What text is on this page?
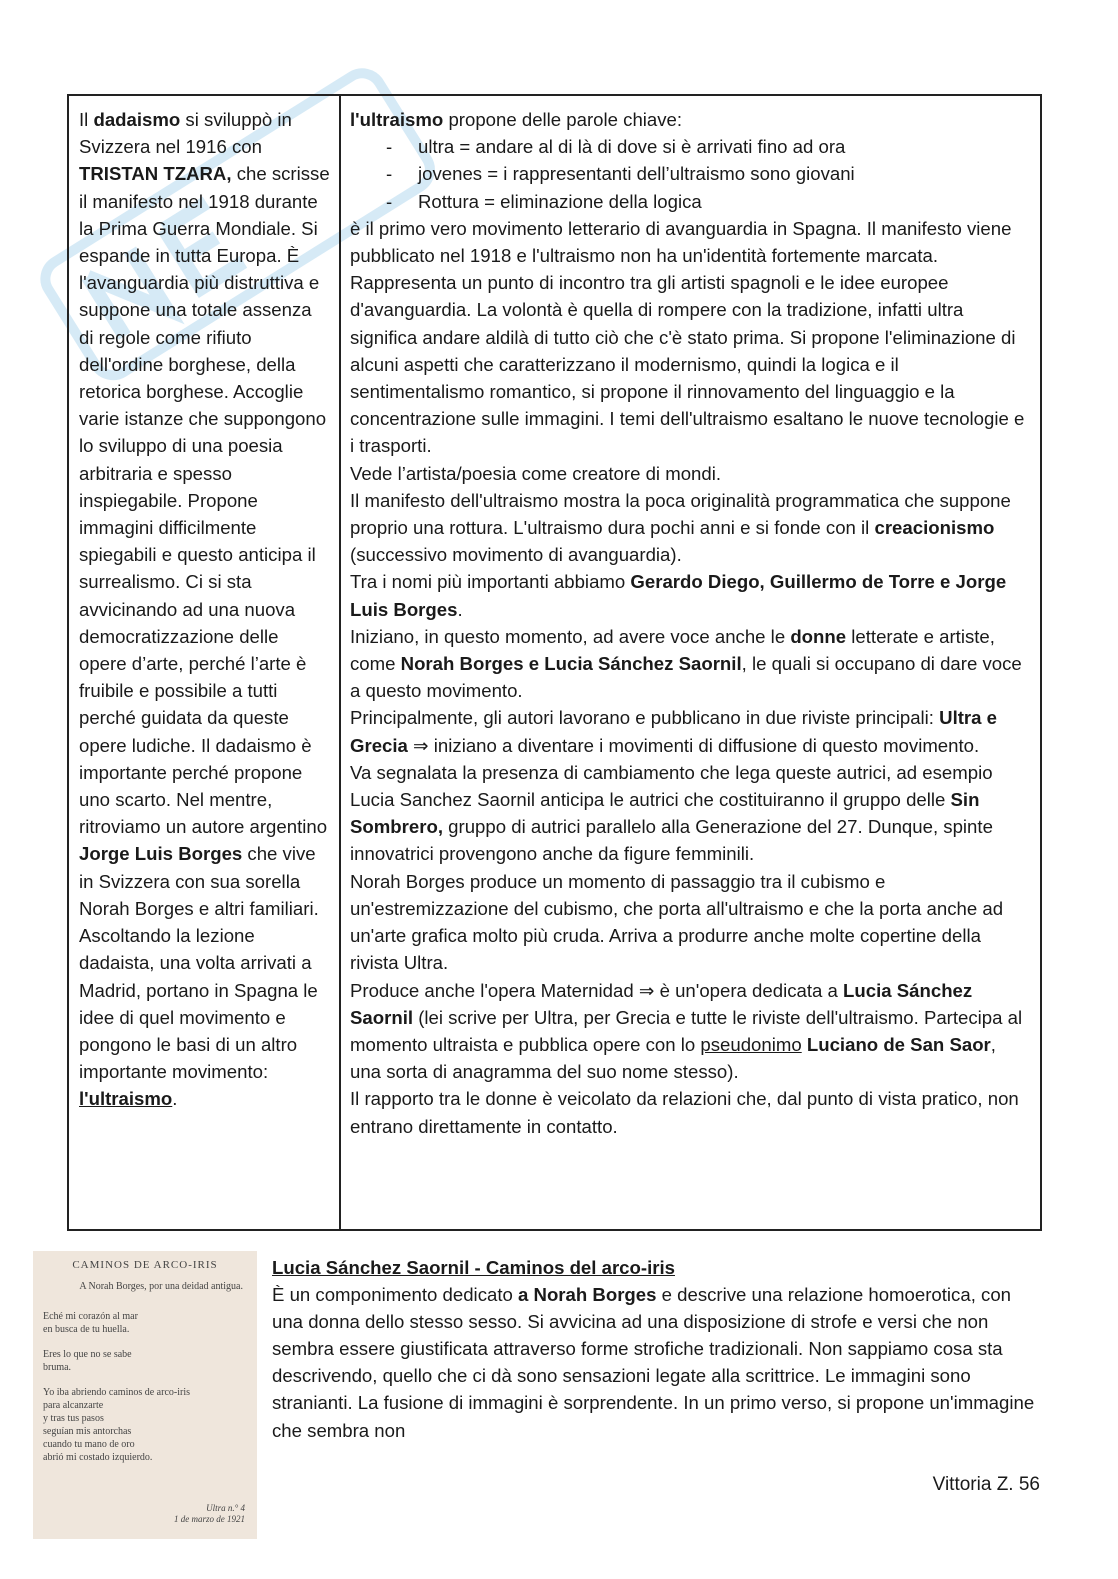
Il dadaismo si sviluppò in Svizzera nel 1916 con TRISTAN TZARA, che scrisse il manifesto nel 1918 durante la Prima Guerra Mondiale. Si espande in tutta Europa. È l'avanguardia più distruttiva e suppone una totale assenza di regole come rifiuto dell'ordine borghese, della retorica borghese. Accoglie varie istanze che suppongono lo sviluppo di una poesia arbitraria e spesso inspiegabile. Propone immagini difficilmente spiegabili e questo anticipa il surrealismo. Ci si sta avvicinando ad una nuova democratizzazione delle opere d’arte, perché l’arte è fruibile e possibile a tutti perché guidata da queste opere ludiche. Il dadaismo è importante perché propone uno scarto. Nel mentre, ritroviamo un autore argentino Jorge Luis Borges che vive in Svizzera con sua sorella Norah Borges e altri familiari. Ascoltando la lezione dadaista, una volta arrivati a Madrid, portano in Spagna le idee di quel movimento e pongono le basi di un altro importante movimento: l'ultraismo.

l'ultraismo propone delle parole chiave:

- ultra = andare al di là di dove si è arrivati fino ad ora
- jovenes = i rappresentanti dell’ultraismo sono giovani
- Rottura = eliminazione della logica

è il primo vero movimento letterario di avanguardia in Spagna. Il manifesto viene pubblicato nel 1918 e l'ultraismo non ha un'identità fortemente marcata.

Rappresenta un punto di incontro tra gli artisti spagnoli e le idee europee d'avanguardia. La volontà è quella di rompere con la tradizione, infatti ultra significa andare aldilà di tutto ciò che c'è stato prima. Si propone l'eliminazione di alcuni aspetti che caratterizzano il modernismo, quindi la logica e il sentimentalismo romantico, si propone il rinnovamento del linguaggio e la concentrazione sulle immagini. I temi dell'ultraismo esaltano le nuove tecnologie e i trasporti.

Vede l’artista/poesia come creatore di mondi.

Il manifesto dell'ultraismo mostra la poca originalità programmatica che suppone proprio una rottura. L'ultraismo dura pochi anni e si fonde con il creacionismo (successivo movimento di avanguardia).

Tra i nomi più importanti abbiamo Gerardo Diego, Guillermo de Torre e Jorge Luis Borges.

Iniziano, in questo momento, ad avere voce anche le donne letterate e artiste, come Norah Borges e Lucia Sánchez Saornil, le quali si occupano di dare voce a questo movimento.

Principalmente, gli autori lavorano e pubblicano in due riviste principali: Ultra e Grecia ⇒ iniziano a diventare i movimenti di diffusione di questo movimento.

Va segnalata la presenza di cambiamento che lega queste autrici, ad esempio Lucia Sanchez Saornil anticipa le autrici che costituiranno il gruppo delle Sin Sombrero, gruppo di autrici parallelo alla Generazione del 27. Dunque, spinte innovatrici provengono anche da figure femminili.

Norah Borges produce un momento di passaggio tra il cubismo e un'estremizzazione del cubismo, che porta all'ultraismo e che la porta anche ad un'arte grafica molto più cruda. Arriva a produrre anche molte copertine della rivista Ultra.

Produce anche l'opera Maternidad ⇒ è un'opera dedicata a Lucia Sánchez Saornil (lei scrive per Ultra, per Grecia e tutte le riviste dell'ultraismo. Partecipa al momento ultraista e pubblica opere con lo pseudonimo Luciano de San Saor, una sorta di anagramma del suo nome stesso).

Il rapporto tra le donne è veicolato da relazioni che, dal punto di vista pratico, non entrano direttamente in contatto.

CAMINOS DE ARCO-IRIS
A Norah Borges, por una deidad antigua.

Eché mi corazón al mar

en busca de tu huella.

Eres lo que no se sabe

bruma.

Yo iba abriendo caminos de arco-iris

para alcanzarte

y tras tus pasos

seguían mis antorchas

cuando tu mano de oro

abrió mi costado izquierdo.

Ultra n.° 4
1 de marzo de 1921

Lucia Sánchez Saornil - Caminos del arco-iris

È un componimento dedicato a Norah Borges e descrive una relazione homoerotica, con una donna dello stesso sesso. Si avvicina ad una disposizione di strofe e versi che non sembra essere giustificata attraverso forme strofiche tradizionali. Non sappiamo cosa sta descrivendo, quello che ci dà sono sensazioni legate alla scrittrice. Le immagini sono stranianti. La fusione di immagini è sorprendente. In un primo verso, si propone un'immagine che sembra non

Vittoria Z. 56
